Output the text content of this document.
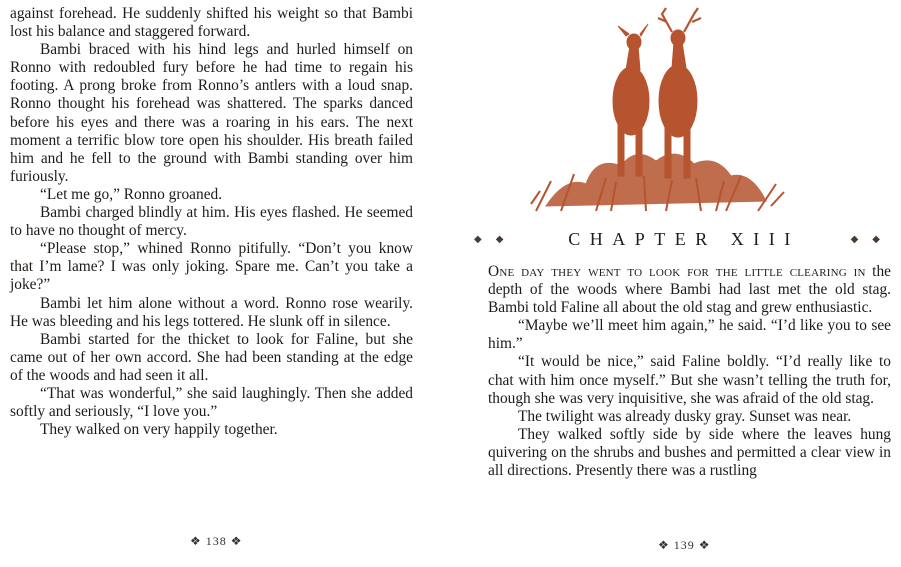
against forehead. He suddenly shifted his weight so that Bambi lost his balance and staggered forward.

Bambi braced with his hind legs and hurled himself on Ronno with redoubled fury before he had time to regain his footing. A prong broke from Ronno’s antlers with a loud snap. Ronno thought his forehead was shattered. The sparks danced before his eyes and there was a roaring in his ears. The next moment a terrific blow tore open his shoulder. His breath failed him and he fell to the ground with Bambi standing over him furiously.

“Let me go,” Ronno groaned.

Bambi charged blindly at him. His eyes flashed. He seemed to have no thought of mercy.

“Please stop,” whined Ronno pitifully. “Don’t you know that I’m lame? I was only joking. Spare me. Can’t you take a joke?”

Bambi let him alone without a word. Ronno rose wearily. He was bleeding and his legs tottered. He slunk off in silence.

Bambi started for the thicket to look for Faline, but she came out of her own accord. She had been standing at the edge of the woods and had seen it all.

“That was wonderful,” she said laughingly. Then she added softly and seriously, “I love you.”

They walked on very happily together.

❖ 138 ❖
◆◆	CHAPTER XIII	◆◆

One day they went to look for the little clearing in the depth of the woods where Bambi had last met the old stag. Bambi told Faline all about the old stag and grew enthusiastic.

“Maybe we’ll meet him again,” he said. “I’d like you to see him.”

“It would be nice,” said Faline boldly. “I’d really like to chat with him once myself.” But she wasn’t telling the truth for, though she was very inquisitive, she was afraid of the old stag.

The twilight was already dusky gray. Sunset was near.

They walked softly side by side where the leaves hung quivering on the shrubs and bushes and permitted a clear view in all directions. Presently there was a rustling

❖ 139 ❖
